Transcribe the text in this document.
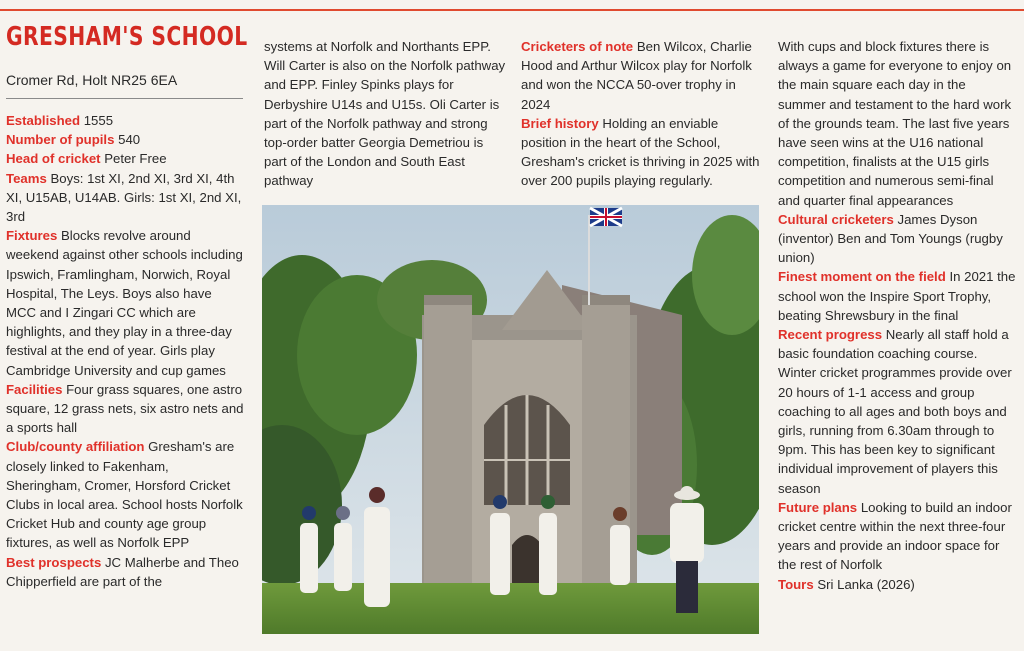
GRESHAM'S SCHOOL
Cromer Rd, Holt NR25 6EA

Established 1555

Number of pupils 540

Head of cricket Peter Free

Teams Boys: 1st XI, 2nd XI, 3rd XI, 4th XI, U15AB, U14AB. Girls: 1st XI, 2nd XI, 3rd

Fixtures Blocks revolve around weekend against other schools including Ipswich, Framlingham, Norwich, Royal Hospital, The Leys. Boys also have MCC and I Zingari CC which are highlights, and they play in a three-day festival at the end of year. Girls play Cambridge University and cup games

Facilities Four grass squares, one astro square, 12 grass nets, six astro nets and a sports hall

Club/county affiliation Gresham's are closely linked to Fakenham, Sheringham, Cromer, Horsford Cricket Clubs in local area. School hosts Norfolk Cricket Hub and county age group fixtures, as well as Norfolk EPP

Best prospects JC Malherbe and Theo Chipperfield are part of the

systems at Norfolk and Northants EPP. Will Carter is also on the Norfolk pathway and EPP. Finley Spinks plays for Derbyshire U14s and U15s. Oli Carter is part of the Norfolk pathway and strong top-order batter Georgia Demetriou is part of the London and South East pathway

Cricketers of note Ben Wilcox, Charlie Hood and Arthur Wilcox play for Norfolk and won the NCCA 50-over trophy in 2024

Brief history Holding an enviable position in the heart of the School, Gresham's cricket is thriving in 2025 with over 200 pupils playing regularly.

With cups and block fixtures there is always a game for everyone to enjoy on the main square each day in the summer and testament to the hard work of the grounds team. The last five years have seen wins at the U16 national competition, finalists at the U15 girls competition and numerous semi-final and quarter final appearances

Cultural cricketers James Dyson (inventor) Ben and Tom Youngs (rugby union)

Finest moment on the field In 2021 the school won the Inspire Sport Trophy, beating Shrewsbury in the final

Recent progress Nearly all staff hold a basic foundation coaching course. Winter cricket programmes provide over 20 hours of 1-1 access and group coaching to all ages and both boys and girls, running from 6.30am through to 9pm. This has been key to significant individual improvement of players this season

Future plans Looking to build an indoor cricket centre within the next three-four years and provide an indoor space for the rest of Norfolk

Tours Sri Lanka (2026)
